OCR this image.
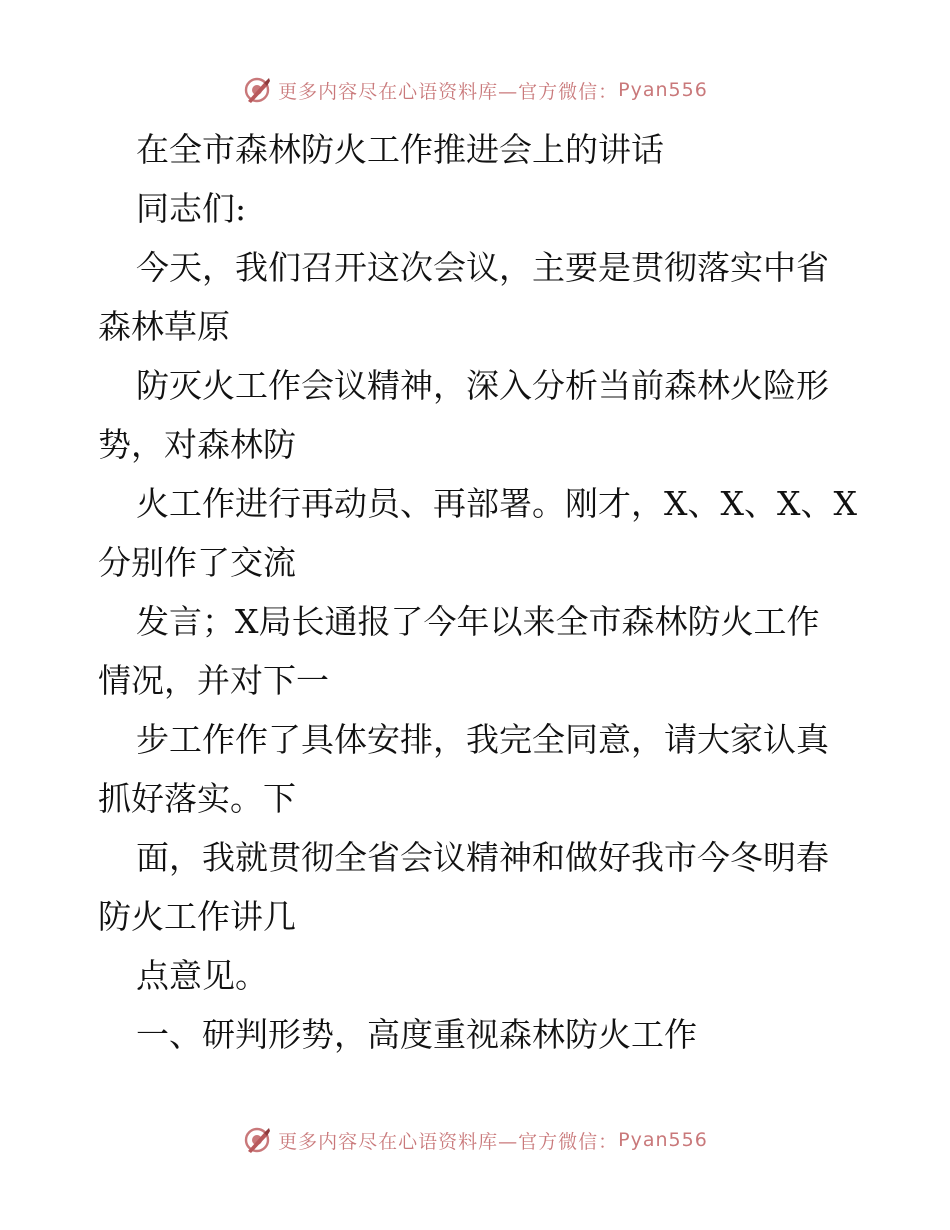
更多内容尽在心语资料库—官方微信： Pyan556
在全市森林防火工作推进会上的讲话
同志们:
今天，我们召开这次会议，主要是贯彻落实中省
森林草原
防灭火工作会议精神，深入分析当前森林火险形
势，对森林防
火工作进行再动员、再部署。刚才，X、X、X、X
分别作了交流
发言；X局长通报了今年以来全市森林防火工作
情况，并对下一
步工作作了具体安排，我完全同意，请大家认真
抓好落实。下
面，我就贯彻全省会议精神和做好我市今冬明春
防火工作讲几
点意见。
一、研判形势，高度重视森林防火工作
更多内容尽在心语资料库—官方微信： Pyan556
